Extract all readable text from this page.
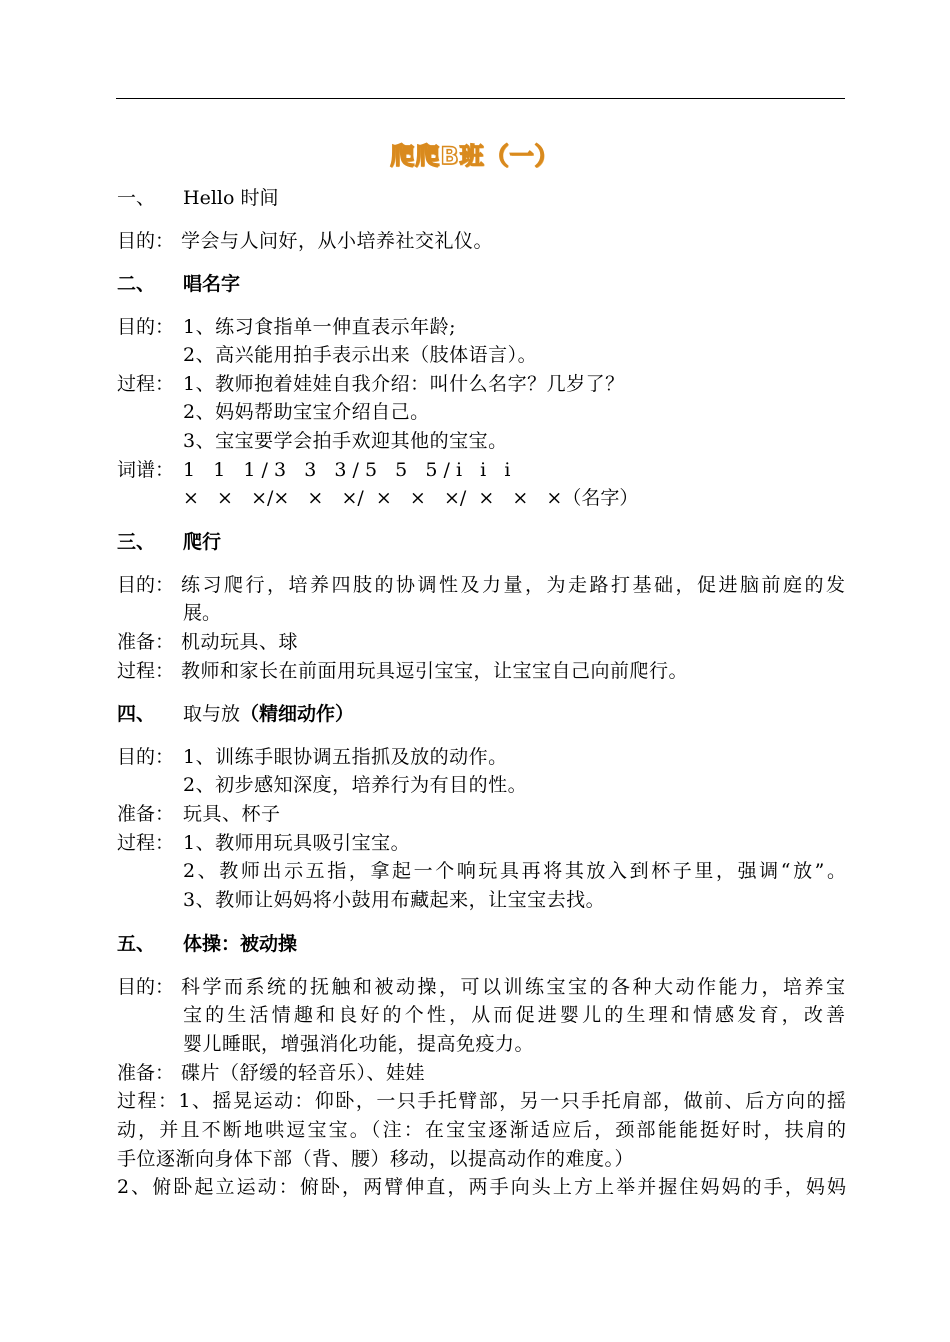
爬爬B班（一）
一、 Hello 时间
目的： 学会与人问好，从小培养社交礼仪。
二、 唱名字
目的： 1、练习食指单一伸直表示年龄;
2、高兴能用拍手表示出来（肢体语言）。
过程： 1、教师抱着娃娃自我介绍：叫什么名字？几岁了？
2、妈妈帮助宝宝介绍自己。
3、宝宝要学会拍手欢迎其他的宝宝。
词谱： 1   1   1 / 3   3   3 / 5   5   5 / i   i   i
×   ×   ×/×   ×   ×/  ×   ×   ×/  ×   ×   ×（名字）
三、 爬行
目的： 练习爬行，培养四肢的协调性及力量，为走路打基础，促进脑前庭的发
展。
准备： 机动玩具、球
过程： 教师和家长在前面用玩具逗引宝宝，让宝宝自己向前爬行。
四、 取与放（精细动作）
目的： 1、训练手眼协调五指抓及放的动作。
2、初步感知深度，培养行为有目的性。
准备： 玩具、杯子
过程： 1、教师用玩具吸引宝宝。
2、教师出示五指，拿起一个响玩具再将其放入到杯子里，强调“放”。
3、教师让妈妈将小鼓用布藏起来，让宝宝去找。
五、 体操：被动操
目的： 科学而系统的抚触和被动操，可以训练宝宝的各种大动作能力，培养宝
宝的生活情趣和良好的个性，从而促进婴儿的生理和情感发育，改善
婴儿睡眠，增强消化功能，提高免疫力。
准备： 碟片（舒缓的轻音乐）、娃娃
过程：1、摇晃运动：仰卧，一只手托臂部，另一只手托肩部，做前、后方向的摇
动，并且不断地哄逗宝宝。（注：在宝宝逐渐适应后，颈部能能挺好时，扶肩的
手位逐渐向身体下部（背、腰）移动，以提高动作的难度。）
2、俯卧起立运动：俯卧，两臂伸直，两手向头上方上举并握住妈妈的手，妈妈
